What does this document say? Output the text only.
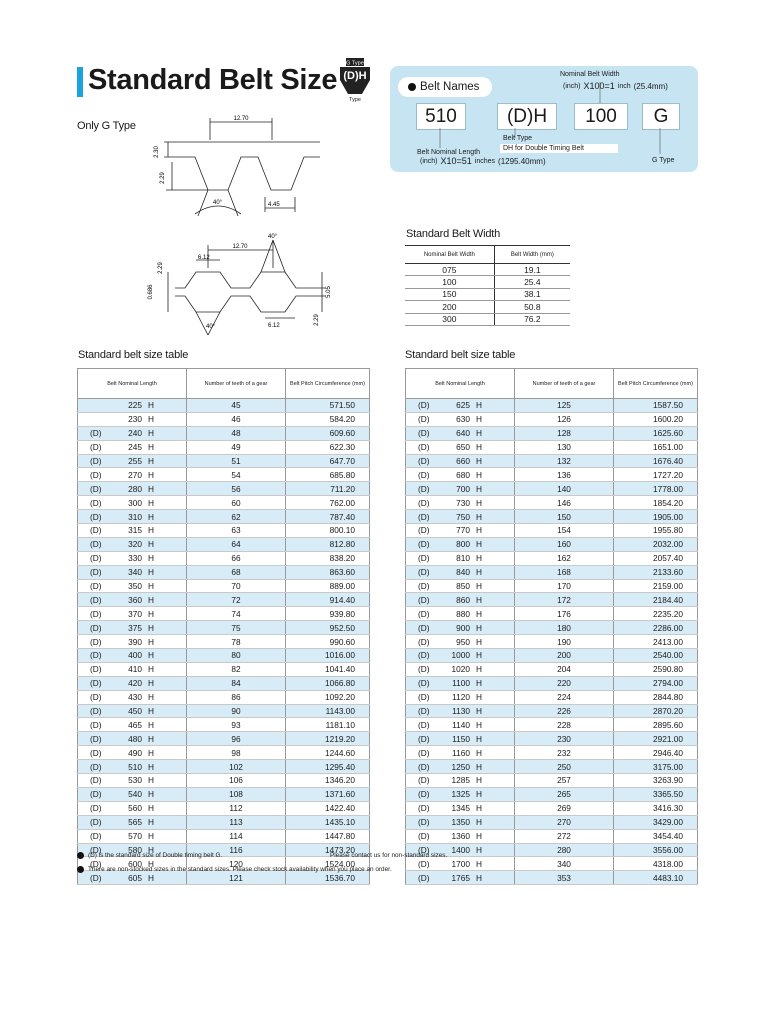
Standard Belt Size
G Type
(D)H
Type
Belt Names
Nominal Belt Width
(inch) X100=1 inch (25.4mm)
510	(D)H	100	G
Belt Type
DH for Double Timing Belt
Belt Nominal Length
(inch) X10=51 inches (1295.40mm)	G Type
Only G Type
12.70
2.30
2.29
40°	4.45
12.70
40°
6.12
2.29
0.686	5.05
2.29
6.12
40°
Standard Belt Width
Nominal Belt Width	Belt Width (mm)
075	19.1
100	25.4
150	38.1
200	50.8
300	76.2
Standard belt size table	Standard belt size table
Belt Nominal Length			Number of teeth of a gear	Belt Pitch Circumference (mm)
	225	H	45	571.50
	230	H	46	584.20
(D)	240	H	48	609.60
(D)	245	H	49	622.30
(D)	255	H	51	647.70
(D)	270	H	54	685.80
(D)	280	H	56	711.20
(D)	300	H	60	762.00
(D)	310	H	62	787.40
(D)	315	H	63	800.10
(D)	320	H	64	812.80
(D)	330	H	66	838.20
(D)	340	H	68	863.60
(D)	350	H	70	889.00
(D)	360	H	72	914.40
(D)	370	H	74	939.80
(D)	375	H	75	952.50
(D)	390	H	78	990.60
(D)	400	H	80	1016.00
(D)	410	H	82	1041.40
(D)	420	H	84	1066.80
(D)	430	H	86	1092.20
(D)	450	H	90	1143.00
(D)	465	H	93	1181.10
(D)	480	H	96	1219.20
(D)	490	H	98	1244.60
(D)	510	H	102	1295.40
(D)	530	H	106	1346.20
(D)	540	H	108	1371.60
(D)	560	H	112	1422.40
(D)	565	H	113	1435.10
(D)	570	H	114	1447.80
(D)	580	H	116	1473.20
(D)	600	H	120	1524.00
(D)	605	H	121	1536.70
Belt Nominal Length			Number of teeth of a gear	Belt Pitch Circumference (mm)
(D)	625	H	125	1587.50
(D)	630	H	126	1600.20
(D)	640	H	128	1625.60
(D)	650	H	130	1651.00
(D)	660	H	132	1676.40
(D)	680	H	136	1727.20
(D)	700	H	140	1778.00
(D)	730	H	146	1854.20
(D)	750	H	150	1905.00
(D)	770	H	154	1955.80
(D)	800	H	160	2032.00
(D)	810	H	162	2057.40
(D)	840	H	168	2133.60
(D)	850	H	170	2159.00
(D)	860	H	172	2184.40
(D)	880	H	176	2235.20
(D)	900	H	180	2286.00
(D)	950	H	190	2413.00
(D)	1000	H	200	2540.00
(D)	1020	H	204	2590.80
(D)	1100	H	220	2794.00
(D)	1120	H	224	2844.80
(D)	1130	H	226	2870.20
(D)	1140	H	228	2895.60
(D)	1150	H	230	2921.00
(D)	1160	H	232	2946.40
(D)	1250	H	250	3175.00
(D)	1285	H	257	3263.90
(D)	1325	H	265	3365.50
(D)	1345	H	269	3416.30
(D)	1350	H	270	3429.00
(D)	1360	H	272	3454.40
(D)	1400	H	280	3556.00
(D)	1700	H	340	4318.00
(D)	1765	H	353	4483.10
(D) is the standard size of Double timing belt G.	Please contact us for non-standard sizes.
There are non-stocked sizes in the standard sizes. Please check stock availability when you place an order.
